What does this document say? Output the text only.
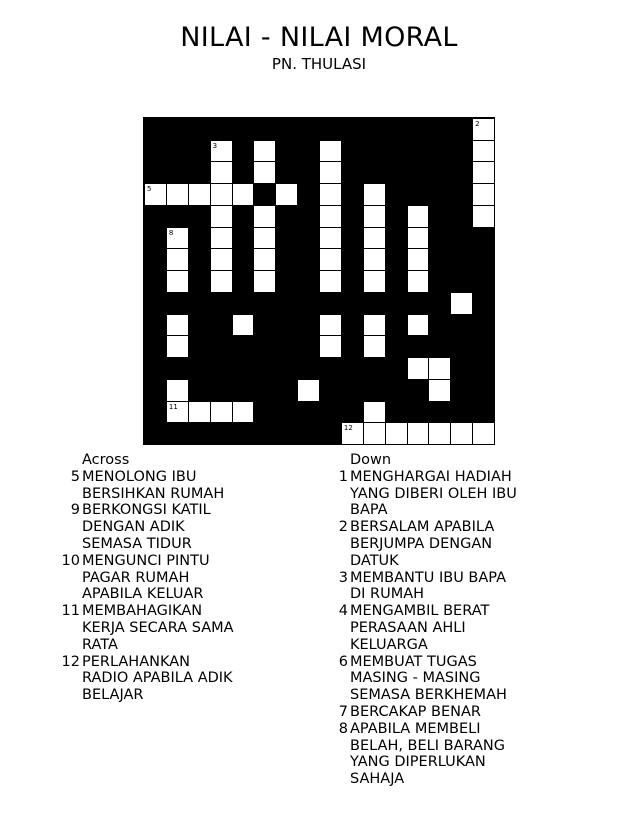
NILAI - NILAI MORAL
PN. THULASI
1	2
3	4
5	6
7
8
9
10
11
12
Across
5 MENOLONG IBU
BERSIHKAN RUMAH
9 BERKONGSI KATIL
DENGAN ADIK
SEMASA TIDUR
10 MENGUNCI PINTU
PAGAR RUMAH
APABILA KELUAR
11 MEMBAHAGIKAN
KERJA SECARA SAMA
RATA
12 PERLAHANKAN
RADIO APABILA ADIK
BELAJAR
Down
1 MENGHARGAI HADIAH
YANG DIBERI OLEH IBU
BAPA
2 BERSALAM APABILA
BERJUMPA DENGAN
DATUK
3 MEMBANTU IBU BAPA
DI RUMAH
4 MENGAMBIL BERAT
PERASAAN AHLI
KELUARGA
6 MEMBUAT TUGAS
MASING - MASING
SEMASA BERKHEMAH
7 BERCAKAP BENAR
8 APABILA MEMBELI
BELAH, BELI BARANG
YANG DIPERLUKAN
SAHAJA
